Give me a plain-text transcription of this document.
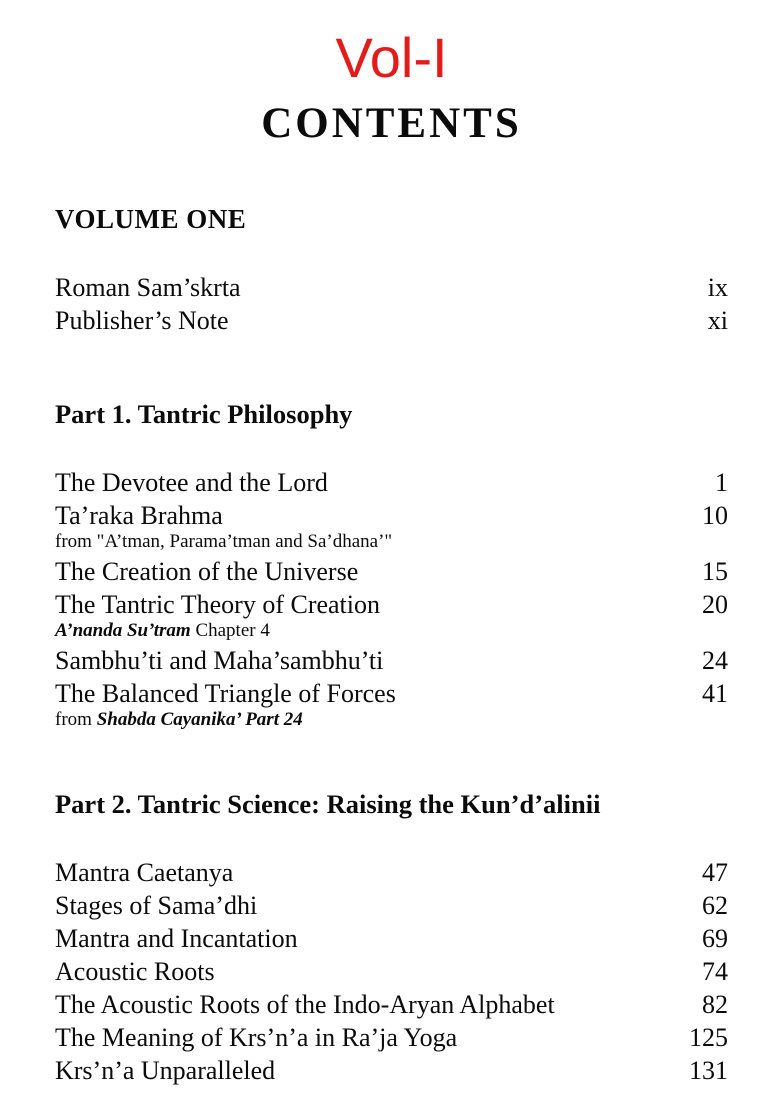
Vol-I
CONTENTS
VOLUME ONE
Roman Sam’skrta	ix
Publisher’s Note	xi
Part 1. Tantric Philosophy
The Devotee and the Lord	1
Ta’raka Brahma	10
from "A’tman, Parama’tman and Sa’dhana’"
The Creation of the Universe	15
The Tantric Theory of Creation	20
A’nanda Su’tram Chapter 4
Sambhu’ti and Maha’sambhu’ti	24
The Balanced Triangle of Forces	41
from Shabda Cayanika’ Part 24
Part 2. Tantric Science: Raising the Kun’d’alinii
Mantra Caetanya	47
Stages of Sama’dhi	62
Mantra and Incantation	69
Acoustic Roots	74
The Acoustic Roots of the Indo-Aryan Alphabet	82
The Meaning of Krs’n’a in Ra’ja Yoga	125
Krs’n’a Unparalleled	131
